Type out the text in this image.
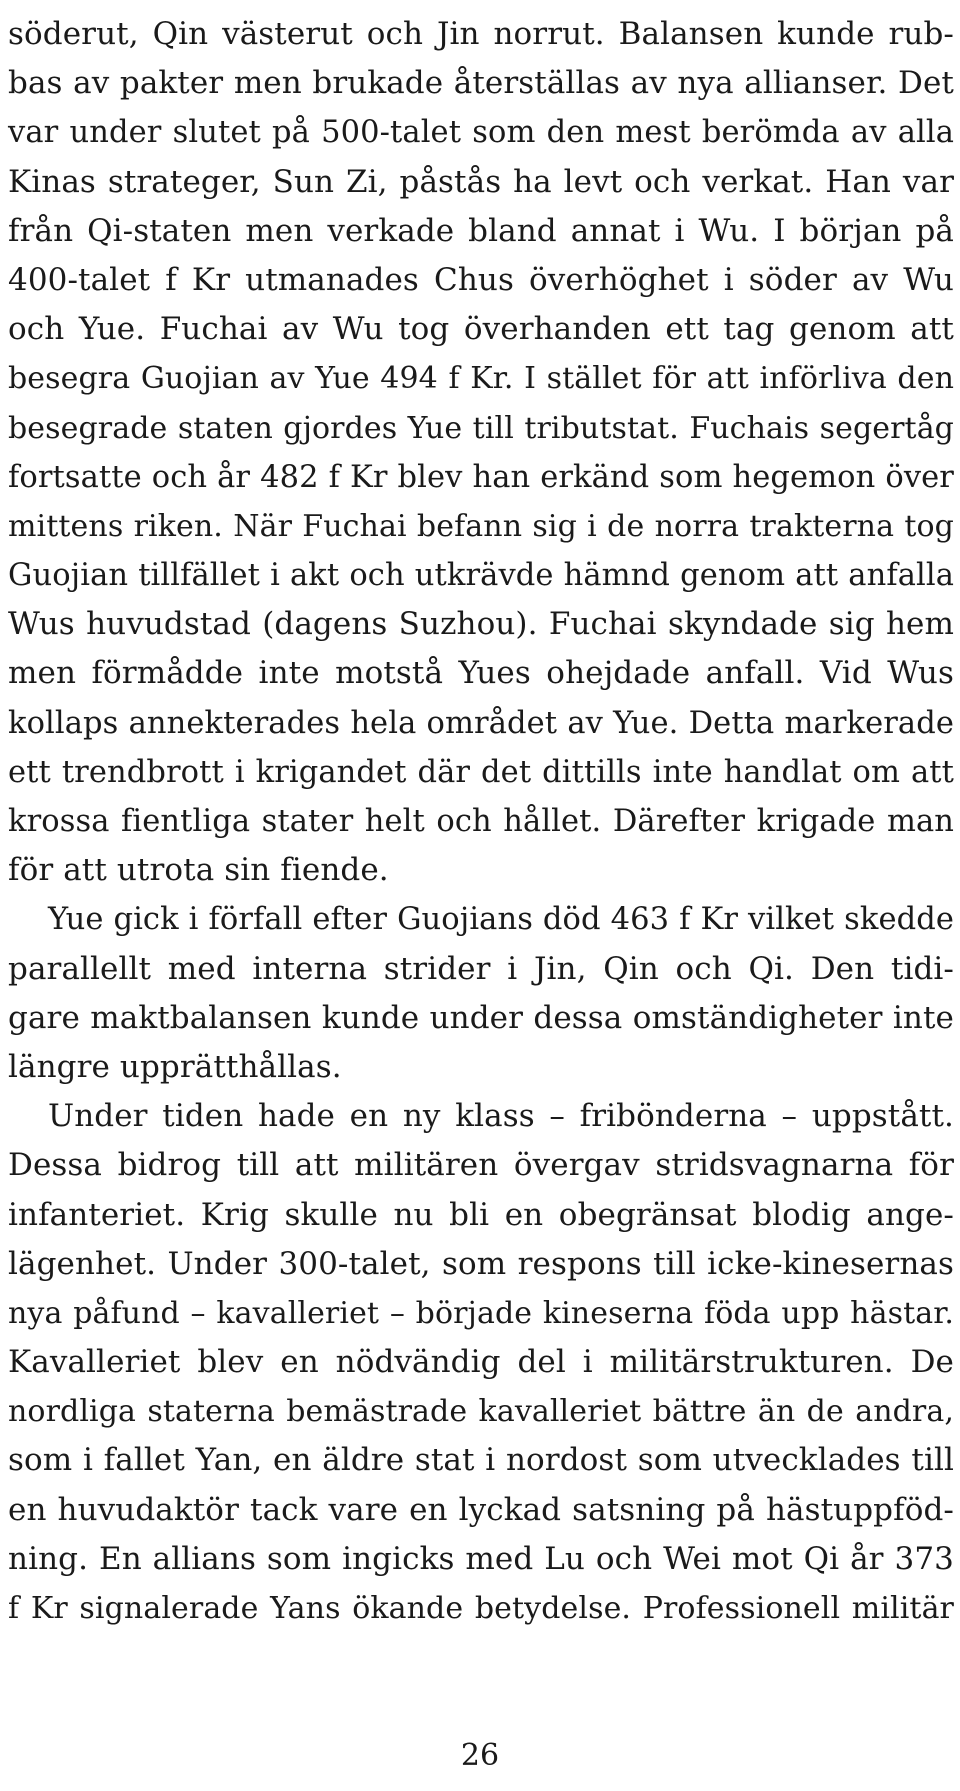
söderut, Qin västerut och Jin norrut. Balansen kunde rub-
bas av pakter men brukade återställas av nya allianser. Det
var under slutet på 500-talet som den mest berömda av alla
Kinas strateger, Sun Zi, påstås ha levt och verkat. Han var
från Qi-staten men verkade bland annat i Wu. I början på
400-talet f Kr utmanades Chus överhöghet i söder av Wu
och Yue. Fuchai av Wu tog överhanden ett tag genom att
besegra Guojian av Yue 494 f Kr. I stället för att införliva den
besegrade staten gjordes Yue till tributstat. Fuchais segertåg
fortsatte och år 482 f Kr blev han erkänd som hegemon över
mittens riken. När Fuchai befann sig i de norra trakterna tog
Guojian tillfället i akt och utkrävde hämnd genom att anfalla
Wus huvudstad (dagens Suzhou). Fuchai skyndade sig hem
men förmådde inte motstå Yues ohejdade anfall. Vid Wus
kollaps annekterades hela området av Yue. Detta markerade
ett trendbrott i krigandet där det dittills inte handlat om att
krossa fientliga stater helt och hållet. Därefter krigade man
för att utrota sin fiende.
Yue gick i förfall efter Guojians död 463 f Kr vilket skedde
parallellt med interna strider i Jin, Qin och Qi. Den tidi-
gare maktbalansen kunde under dessa omständigheter inte
längre upprätthållas.
Under tiden hade en ny klass – fribönderna – uppstått.
Dessa bidrog till att militären övergav stridsvagnarna för
infanteriet. Krig skulle nu bli en obegränsat blodig ange-
lägenhet. Under 300-talet, som respons till icke-kinesernas
nya påfund – kavalleriet – började kineserna föda upp hästar.
Kavalleriet blev en nödvändig del i militärstrukturen. De
nordliga staterna bemästrade kavalleriet bättre än de andra,
som i fallet Yan, en äldre stat i nordost som utvecklades till
en huvudaktör tack vare en lyckad satsning på hästuppföd-
ning. En allians som ingicks med Lu och Wei mot Qi år 373
f Kr signalerade Yans ökande betydelse. Professionell militär
26
